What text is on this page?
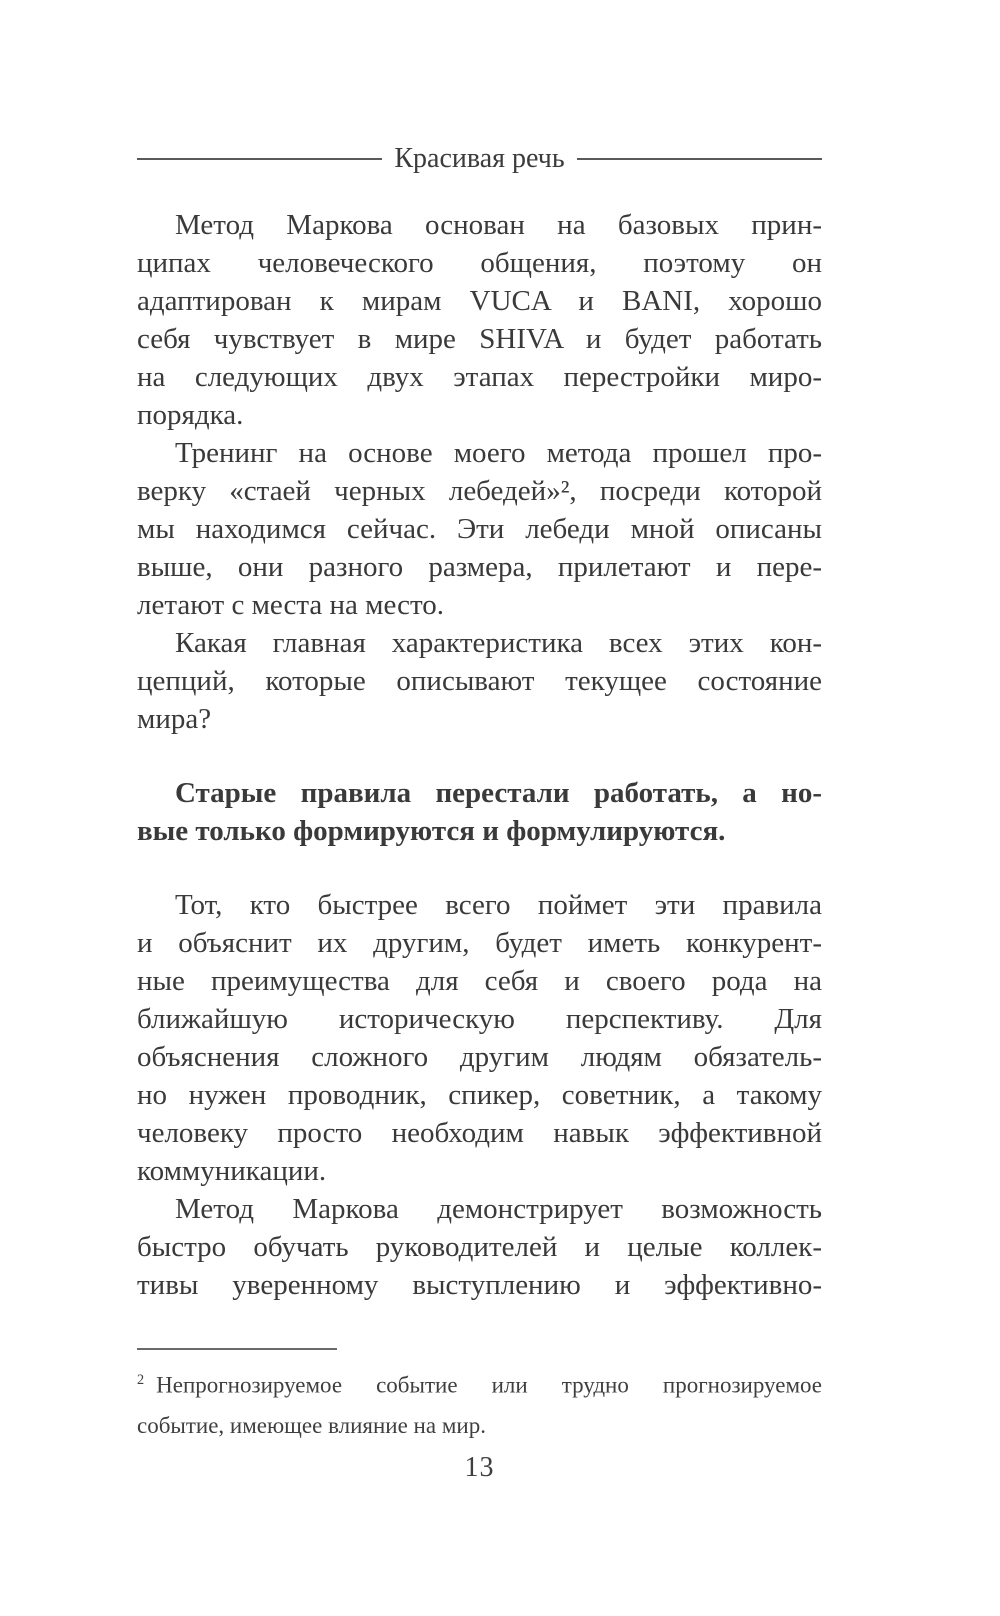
Красивая речь

Метод Маркова основан на базовых прин-
ципах человеческого общения, поэтому он
адаптирован к мирам VUCA и BANI, хорошо
себя чувствует в мире SHIVA и будет работать
на следующих двух этапах перестройки миро-
порядка.

Тренинг на основе моего метода прошел про-
верку «стаей черных лебедей»², посреди которой
мы находимся сейчас. Эти лебеди мной описаны
выше, они разного размера, прилетают и пере-
летают с места на место.

Какая главная характеристика всех этих кон-
цепций, которые описывают текущее состояние
мира?

Старые правила перестали работать, а но-
вые только формируются и формулируются.

Тот, кто быстрее всего поймет эти правила
и объяснит их другим, будет иметь конкурент-
ные преимущества для себя и своего рода на
ближайшую историческую перспективу. Для
объяснения сложного другим людям обязатель-
но нужен проводник, спикер, советник, а такому
человеку просто необходим навык эффективной
коммуникации.

Метод Маркова демонстрирует возможность
быстро обучать руководителей и целые коллек-
тивы уверенному выступлению и эффективно-

$^2$ Непрогнозируемое событие или трудно прогнозируемое
событие, имеющее влияние на мир.
13
